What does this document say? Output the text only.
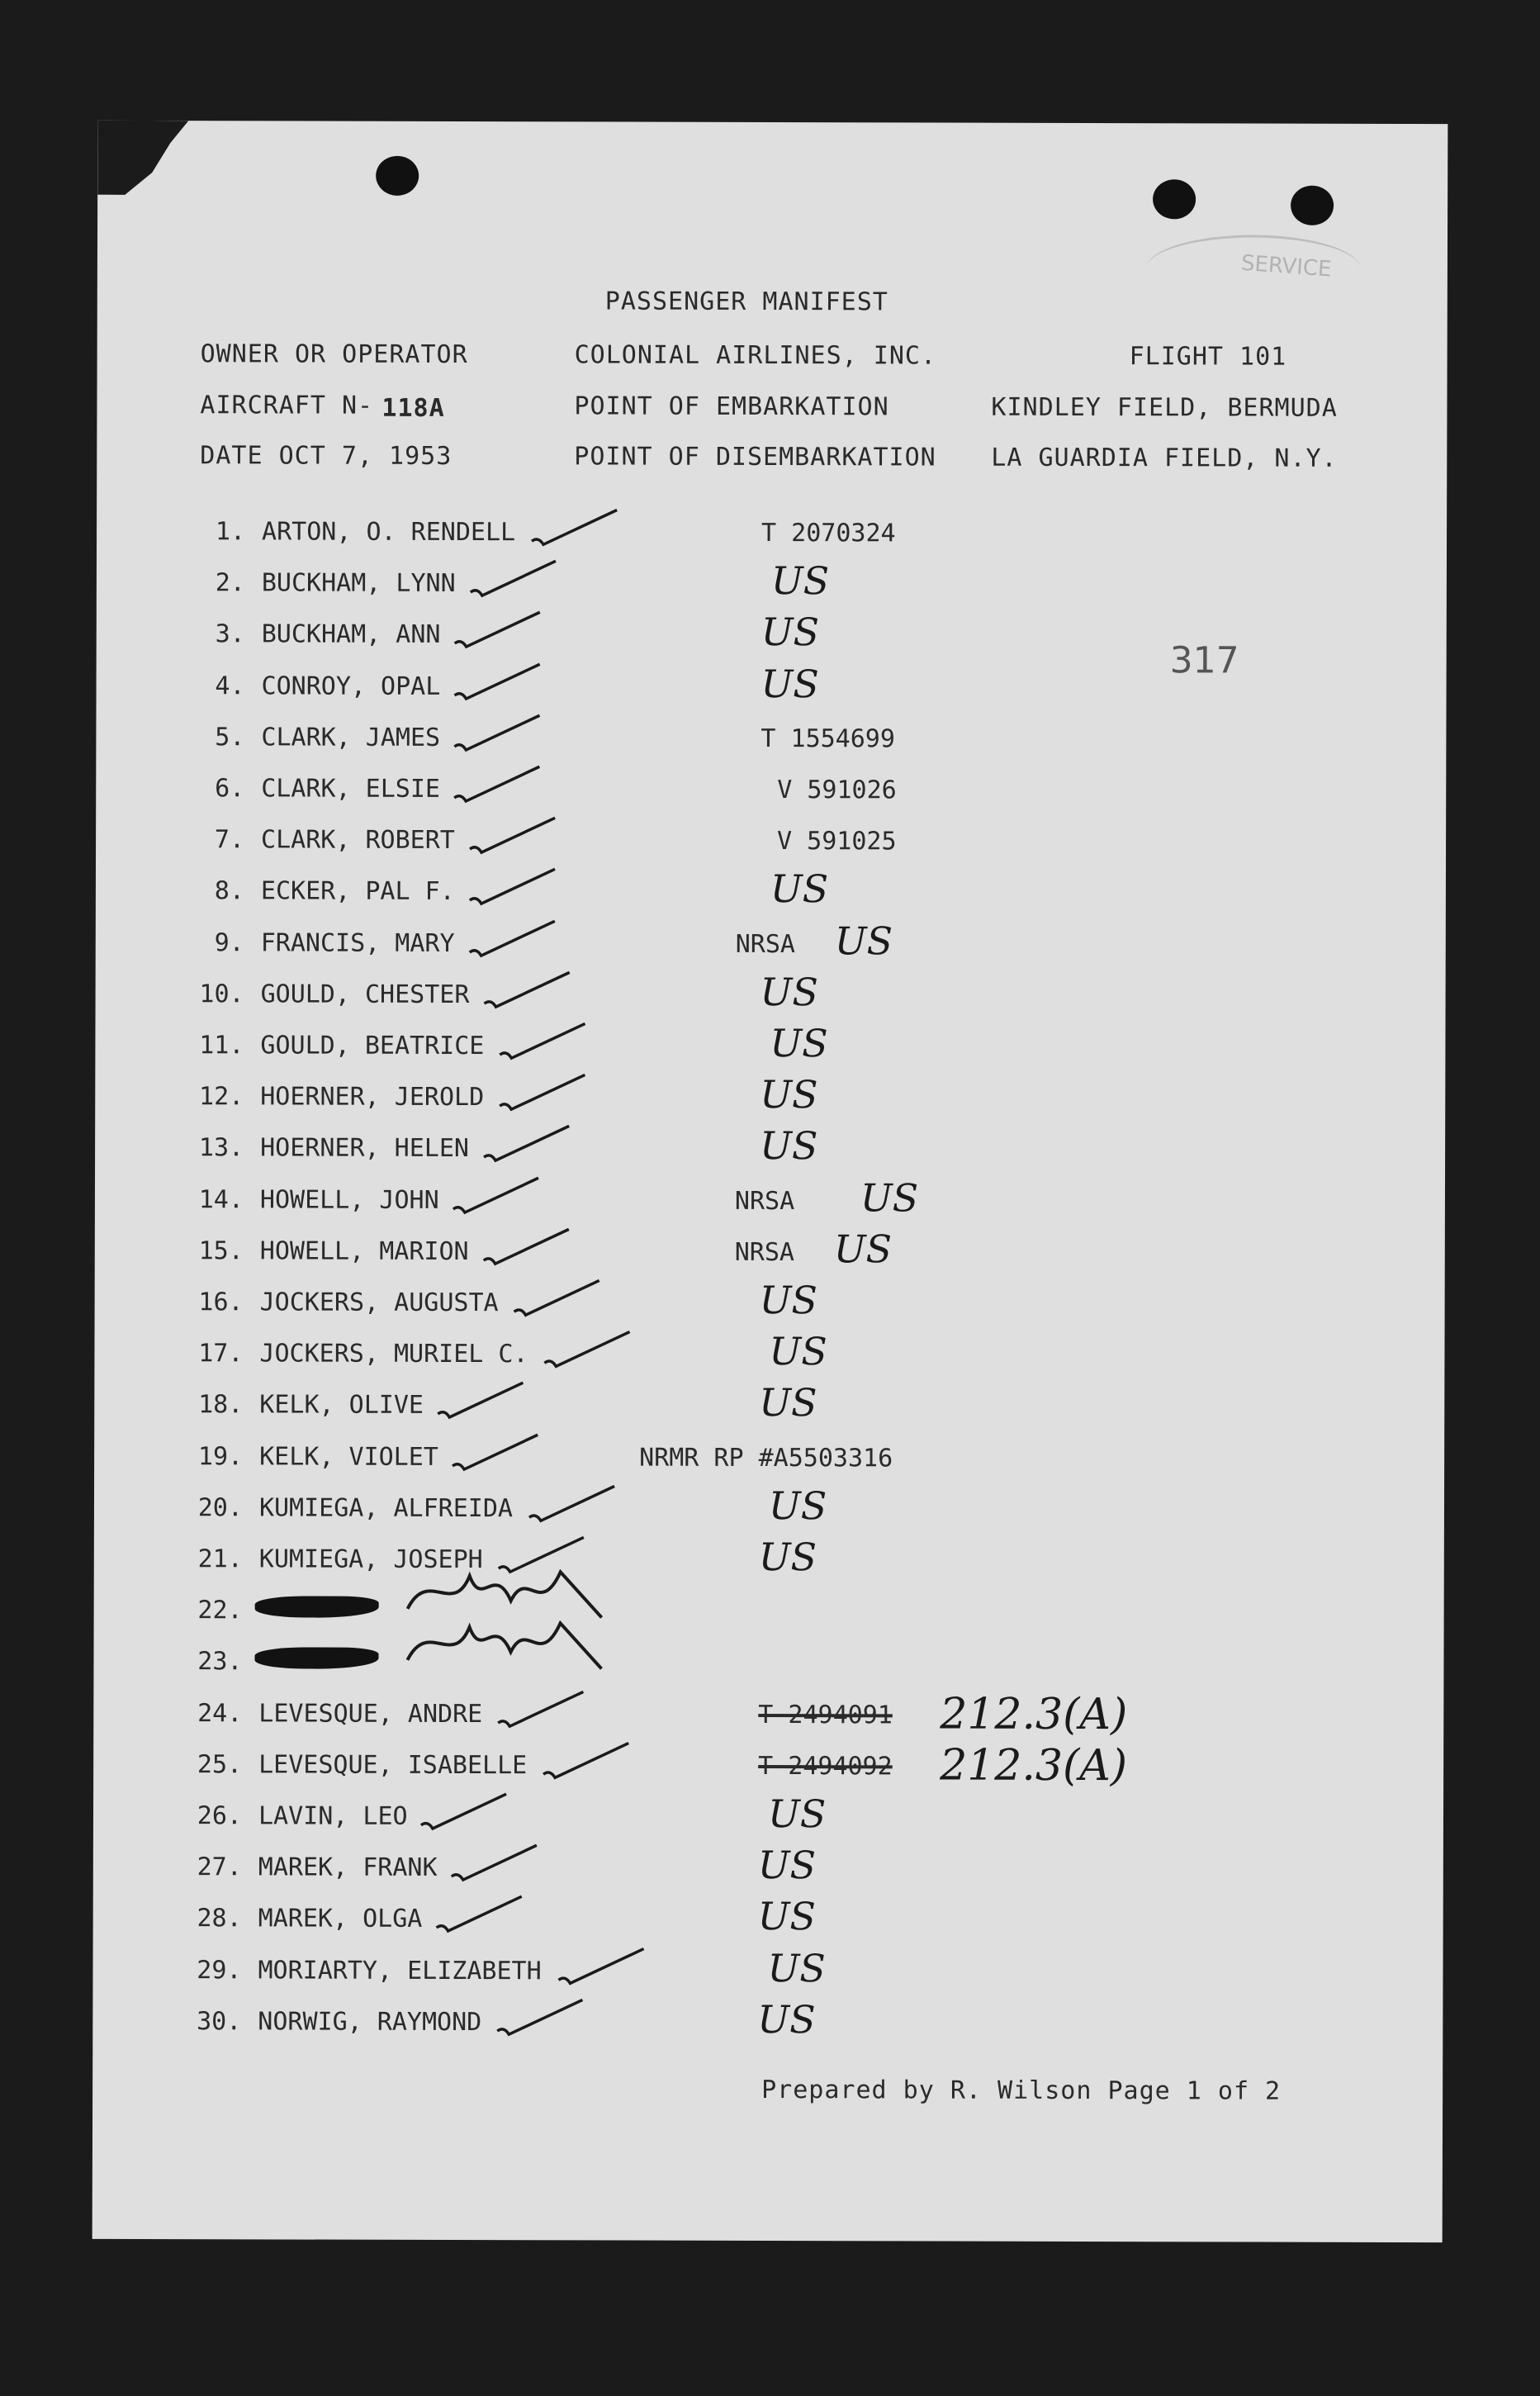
SERVICE
PASSENGER MANIFEST
OWNER OR OPERATOR	COLONIAL AIRLINES, INC.	FLIGHT 101
AIRCRAFT N- 118A	POINT OF EMBARKATION	KINDLEY FIELD, BERMUDA
DATE OCT 7, 1953	POINT OF DISEMBARKATION LA GUARDIA FIELD, N.Y.
317
1. ARTON, O. RENDELL	T 2070324
2. BUCKHAM, LYNN	US
3. BUCKHAM, ANN	US
4. CONROY, OPAL	US
5. CLARK, JAMES	T 1554699
6. CLARK, ELSIE	V 591026
7. CLARK, ROBERT	V 591025
8. ECKER, PAL F.	US
9. FRANCIS, MARY	NRSA US
10. GOULD, CHESTER	US
11. GOULD, BEATRICE	US
12. HOERNER, JEROLD	US
13. HOERNER, HELEN	US
14. HOWELL, JOHN	NRSA US
15. HOWELL, MARION	NRSA US
16. JOCKERS, AUGUSTA	US
17. JOCKERS, MURIEL C.	US
18. KELK, OLIVE	US
19. KELK, VIOLET	NRMR RP #A5503316
20. KUMIEGA, ALFREIDA	US
21. KUMIEGA, JOSEPH	US
22.
23.
24. LEVESQUE, ANDRE	T 2494091 212.3(A)
25. LEVESQUE, ISABELLE	T 2494092 212.3(A)
26. LAVIN, LEO	US
27. MAREK, FRANK	US
28. MAREK, OLGA	US
29. MORIARTY, ELIZABETH	US
30. NORWIG, RAYMOND	US
Prepared by R. Wilson Page 1 of 2
